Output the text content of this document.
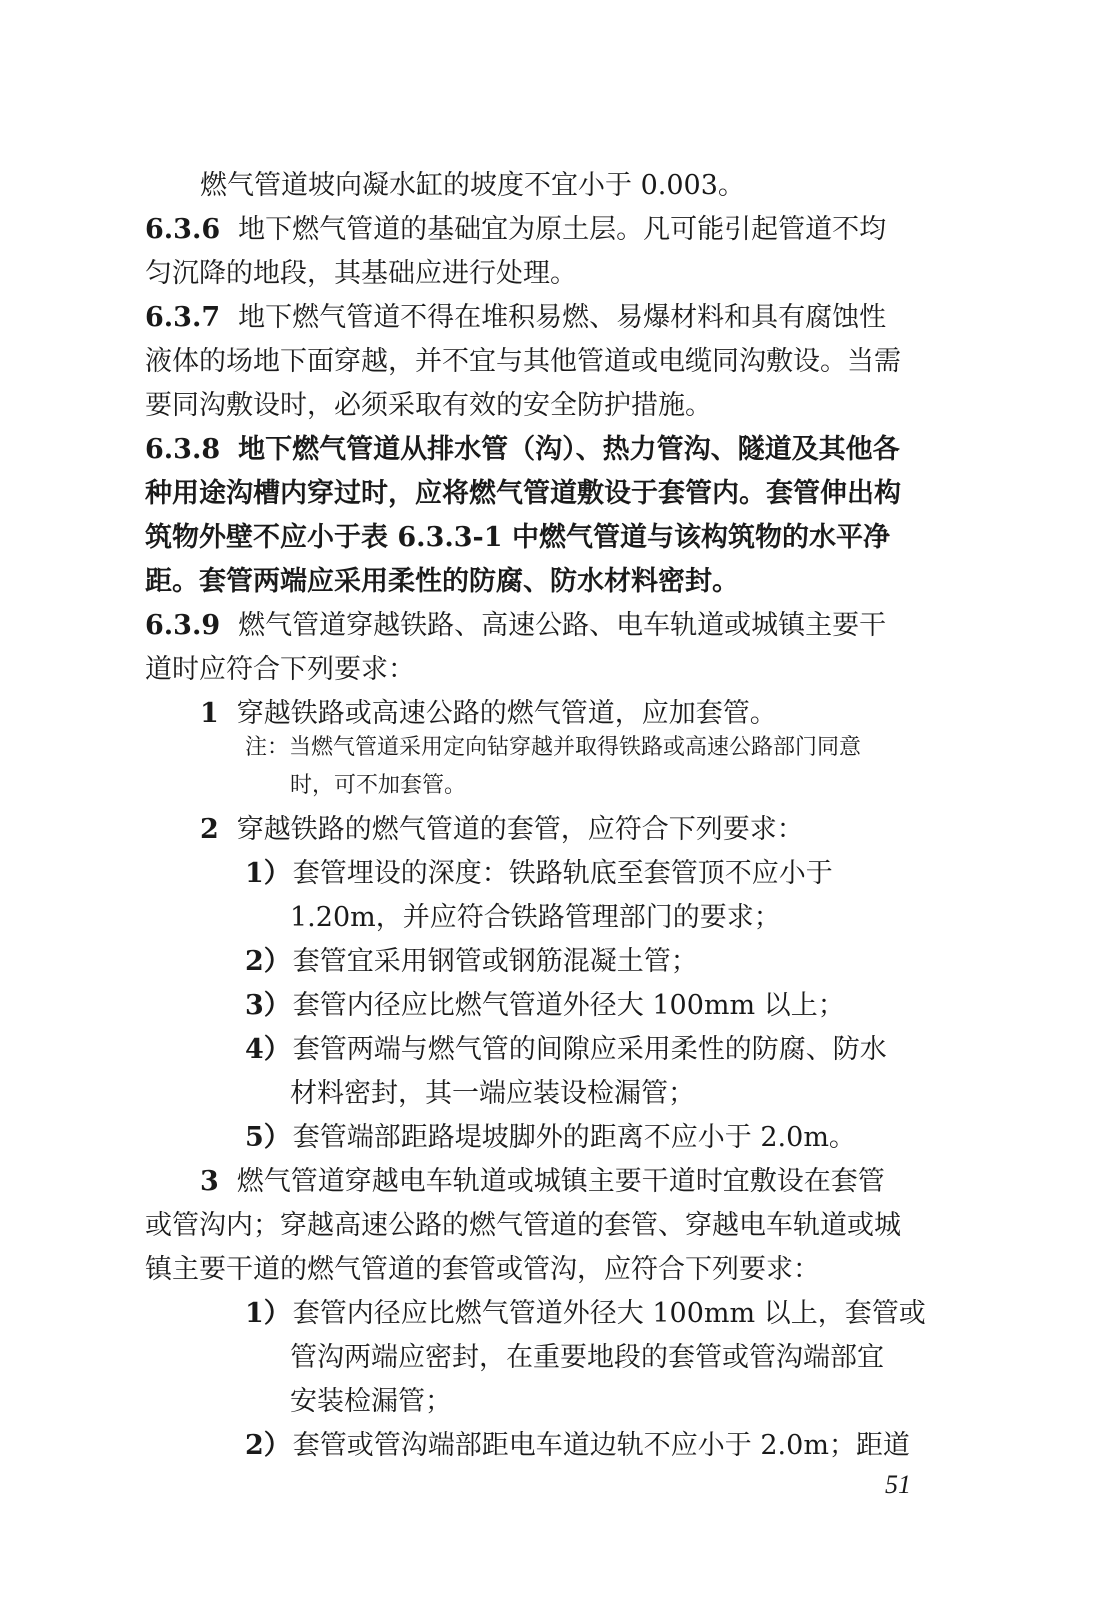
燃气管道坡向凝水缸的坡度不宜小于 0.003。
6.3.6 地下燃气管道的基础宜为原土层。凡可能引起管道不均
匀沉降的地段，其基础应进行处理。
6.3.7 地下燃气管道不得在堆积易燃、易爆材料和具有腐蚀性
液体的场地下面穿越，并不宜与其他管道或电缆同沟敷设。当需
要同沟敷设时，必须采取有效的安全防护措施。
6.3.8 地下燃气管道从排水管（沟）、热力管沟、隧道及其他各
种用途沟槽内穿过时，应将燃气管道敷设于套管内。套管伸出构
筑物外壁不应小于表 6.3.3-1 中燃气管道与该构筑物的水平净
距。套管两端应采用柔性的防腐、防水材料密封。
6.3.9 燃气管道穿越铁路、高速公路、电车轨道或城镇主要干
道时应符合下列要求：
1 穿越铁路或高速公路的燃气管道，应加套管。
注：当燃气管道采用定向钻穿越并取得铁路或高速公路部门同意
时，可不加套管。
2 穿越铁路的燃气管道的套管，应符合下列要求：
1）套管埋设的深度：铁路轨底至套管顶不应小于
1.20m，并应符合铁路管理部门的要求；
2）套管宜采用钢管或钢筋混凝土管；
3）套管内径应比燃气管道外径大 100mm 以上；
4）套管两端与燃气管的间隙应采用柔性的防腐、防水
材料密封，其一端应装设检漏管；
5）套管端部距路堤坡脚外的距离不应小于 2.0m。
3 燃气管道穿越电车轨道或城镇主要干道时宜敷设在套管
或管沟内；穿越高速公路的燃气管道的套管、穿越电车轨道或城
镇主要干道的燃气管道的套管或管沟，应符合下列要求：
1）套管内径应比燃气管道外径大 100mm 以上，套管或
管沟两端应密封，在重要地段的套管或管沟端部宜
安装检漏管；
2）套管或管沟端部距电车道边轨不应小于 2.0m；距道
51
